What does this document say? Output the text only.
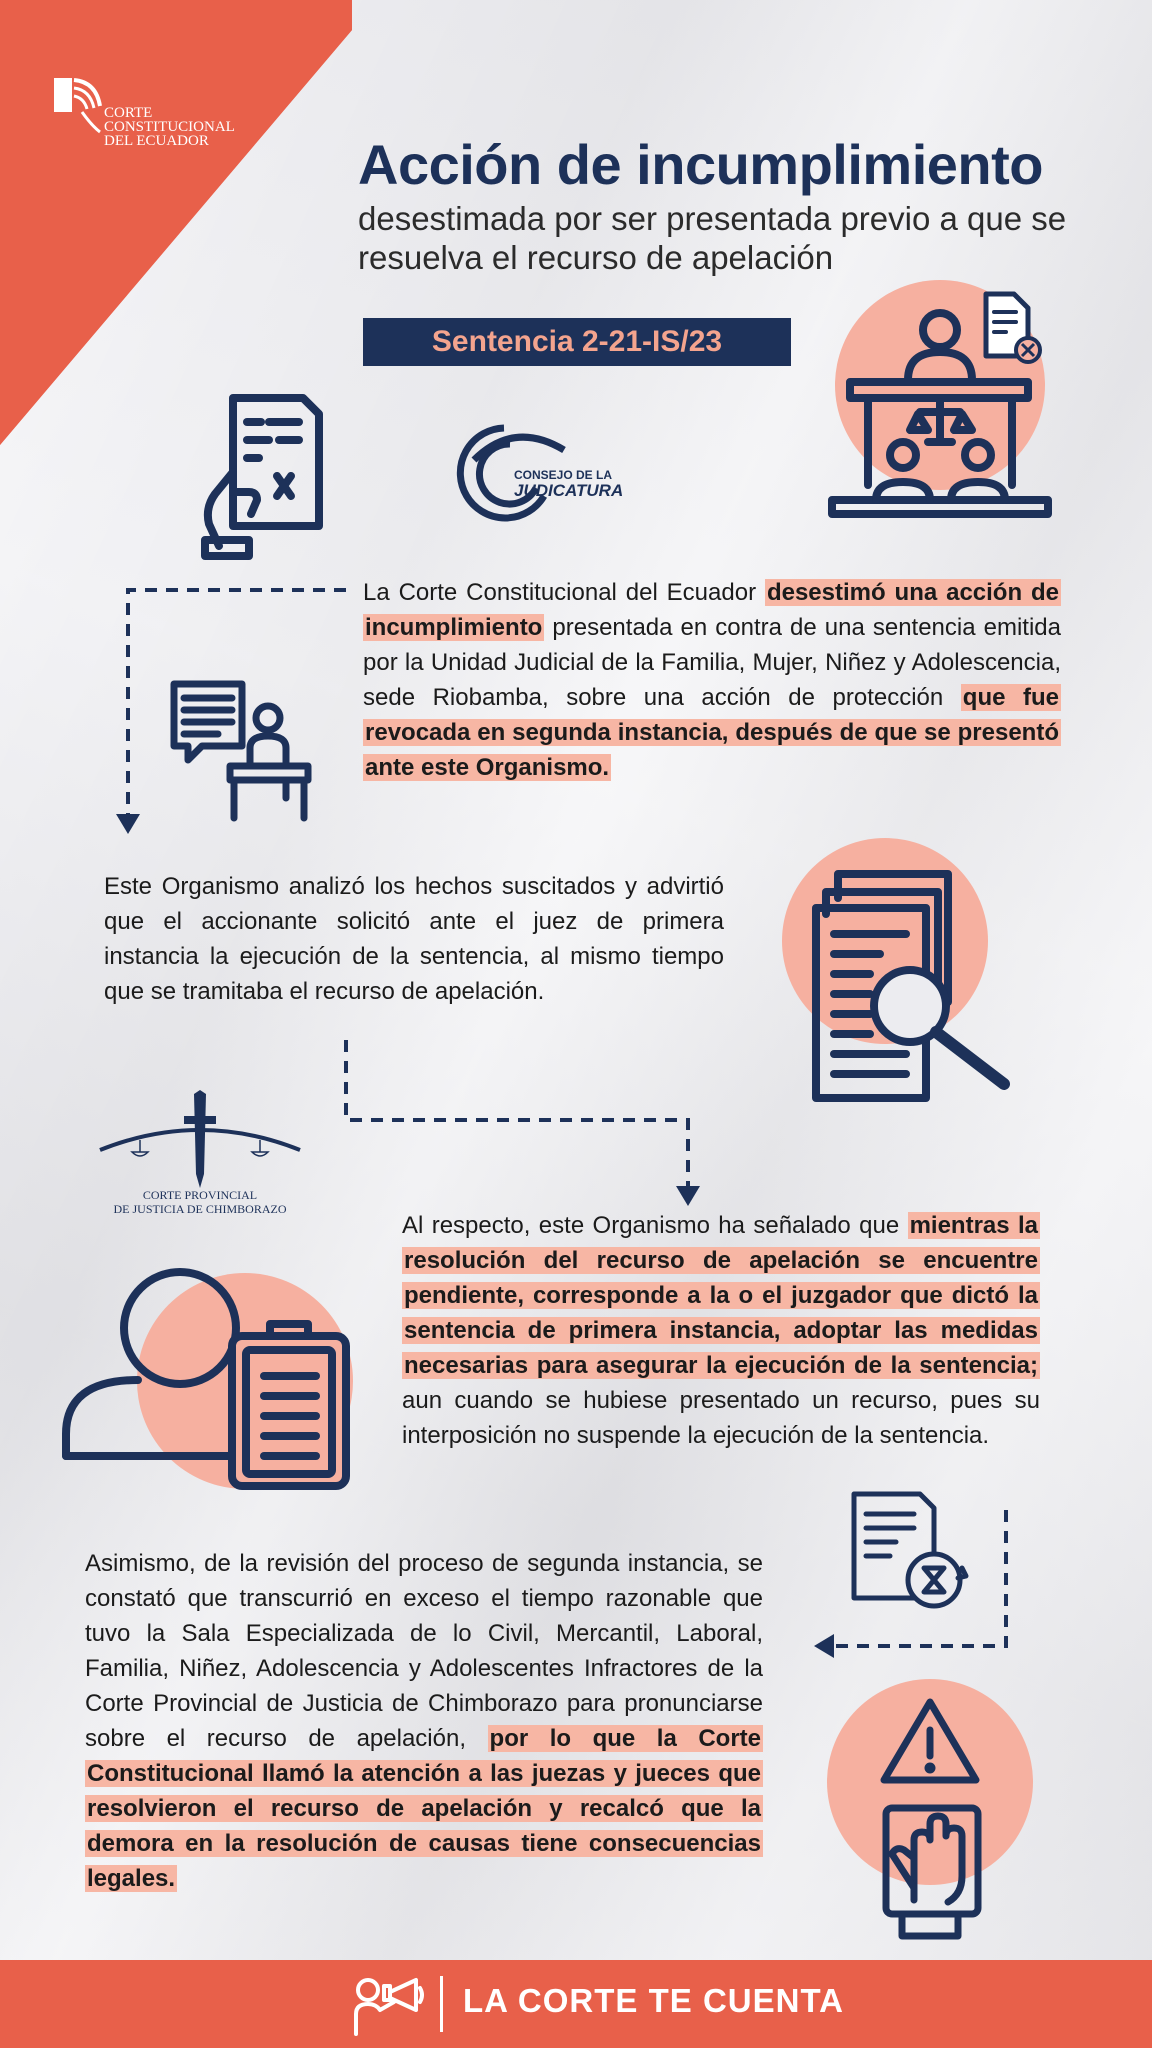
CORTE
CONSTITUCIONAL
DEL ECUADOR	Acción de incumplimiento
desestimada por ser presentada previo a que se resuelva el recurso de apelación
Sentencia 2-21-IS/23
CONSEJO DE LA
JUDICATURA
La Corte Constitucional del Ecuador desestimó una acción de incumplimiento presentada en contra de una sentencia emitida por la Unidad Judicial de la Familia, Mujer, Niñez y Adolescencia, sede Riobamba, sobre una acción de protección que fue revocada en segunda instancia, después de que se presentó ante este Organismo.
Este Organismo analizó los hechos suscitados y advirtió que el accionante solicitó ante el juez de primera instancia la ejecución de la sentencia, al mismo tiempo que se tramitaba el recurso de apelación.
CORTE PROVINCIAL
DE JUSTICIA DE CHIMBORAZO
Al respecto, este Organismo ha señalado que mientras la resolución del recurso de apelación se encuentre pendiente, corresponde a la o el juzgador que dictó la sentencia de primera instancia, adoptar las medidas necesarias para asegurar la ejecución de la sentencia; aun cuando se hubiese presentado un recurso, pues su interposición no suspende la ejecución de la sentencia.
Asimismo, de la revisión del proceso de segunda instancia, se constató que transcurrió en exceso el tiempo razonable que tuvo la Sala Especializada de lo Civil, Mercantil, Laboral, Familia, Niñez, Adolescencia y Adolescentes Infractores de la Corte Provincial de Justicia de Chimborazo para pronunciarse sobre el recurso de apelación, por lo que la Corte Constitucional llamó la atención a las juezas y jueces que resolvieron el recurso de apelación y recalcó que la demora en la resolución de causas tiene consecuencias legales.
LA CORTE TE CUENTA
